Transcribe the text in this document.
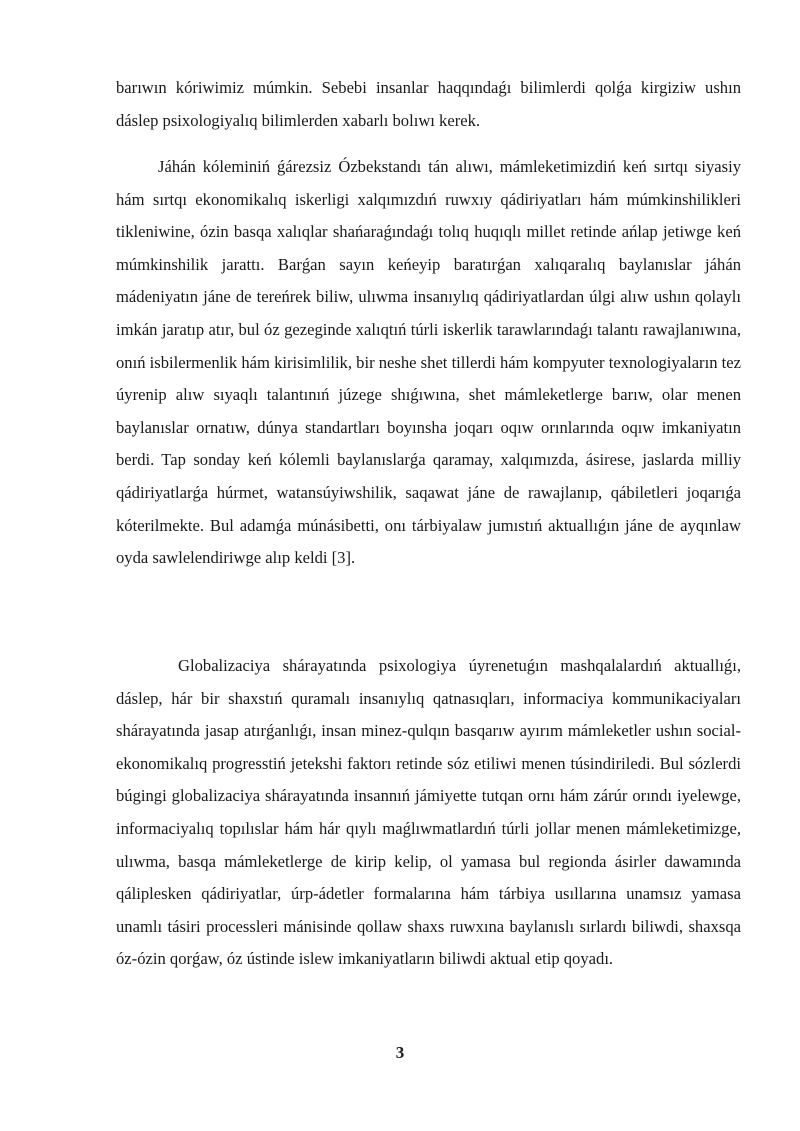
barıwın kóriwimiz múmkin. Sebebi insanlar haqqındaǵı bilimlerdi qolǵa kirgiziw ushın dáslep psixologiyalıq bilimlerden xabarlı bolıwı kerek.

Jáhán kóleminiń ǵárezsiz Ózbekstandı tán alıwı, mámleketimizdiń keń sırtqı siyasiy hám sırtqı ekonomikalıq iskerligi xalqımızdıń ruwxıy qádiriyatları hám múmkinshilikleri tikleniwine, ózin basqa xalıqlar shańaraǵındaǵı tolıq huqıqlı millet retinde ańlap jetiwge keń múmkinshilik jarattı. Barǵan sayın keńeyip baratırǵan xalıqaralıq baylanıslar jáhán mádeniyatın jáne de tereńrek biliw, ulıwma insanıylıq qádiriyatlardan úlgi alıw ushın qolaylı imkán jaratıp atır, bul óz gezeginde xalıqtıń túrli iskerlik tarawlarındaǵı talantı rawajlanıwına, onıń isbilermenlik hám kirisimlilik, bir neshe shet tillerdi hám kompyuter texnologiyaların tez úyrenip alıw sıyaqlı talantınıń júzege shıǵıwına, shet mámleketlerge barıw, olar menen baylanıslar ornatıw, dúnya standartları boyınsha joqarı oqıw orınlarında oqıw imkaniyatın berdi. Tap sonday keń kólemli baylanıslarǵa qaramay, xalqımızda, ásirese, jaslarda milliy qádiriyatlarǵa húrmet, watansúyiwshilik, saqawat jáne de rawajlanıp, qábiletleri joqarıǵa kóterilmekte. Bul adamǵa múnásibetti, onı tárbiyalaw jumıstıń aktuallıǵın jáne de ayqınlaw oyda sawlelendiriwge alıp keldi [3].

Globalizaciya shárayatında psixologiya úyrenetuǵın mashqalalardıń aktuallıǵı, dáslep, hár bir shaxstıń quramalı insanıylıq qatnasıqları, informaciya kommunikaciyaları shárayatında jasap atırǵanlıǵı, insan minez-qulqın basqarıw ayırım mámleketler ushın social-ekonomikalıq progresstiń jetekshi faktorı retinde sóz etiliwi menen túsindiriledi. Bul sózlerdi búgingi globalizaciya shárayatında insannıń jámiyette tutqan ornı hám zárúr orındı iyelewge, informaciyalıq topılıslar hám hár qıylı maǵlıwmatlardıń túrli jollar menen mámleketimizge, ulıwma, basqa mámleketlerge de kirip kelip, ol yamasa bul regionda ásirler dawamında qáliplesken qádiriyatlar, úrp-ádetler formalarına hám tárbiya usıllarına unamsız yamasa unamlı tásiri processleri mánisinde qollaw shaxs ruwxına baylanıslı sırlardı biliwdi, shaxsqa óz-ózin qorǵaw, óz ústinde islew imkaniyatların biliwdi aktual etip qoyadı.

3
